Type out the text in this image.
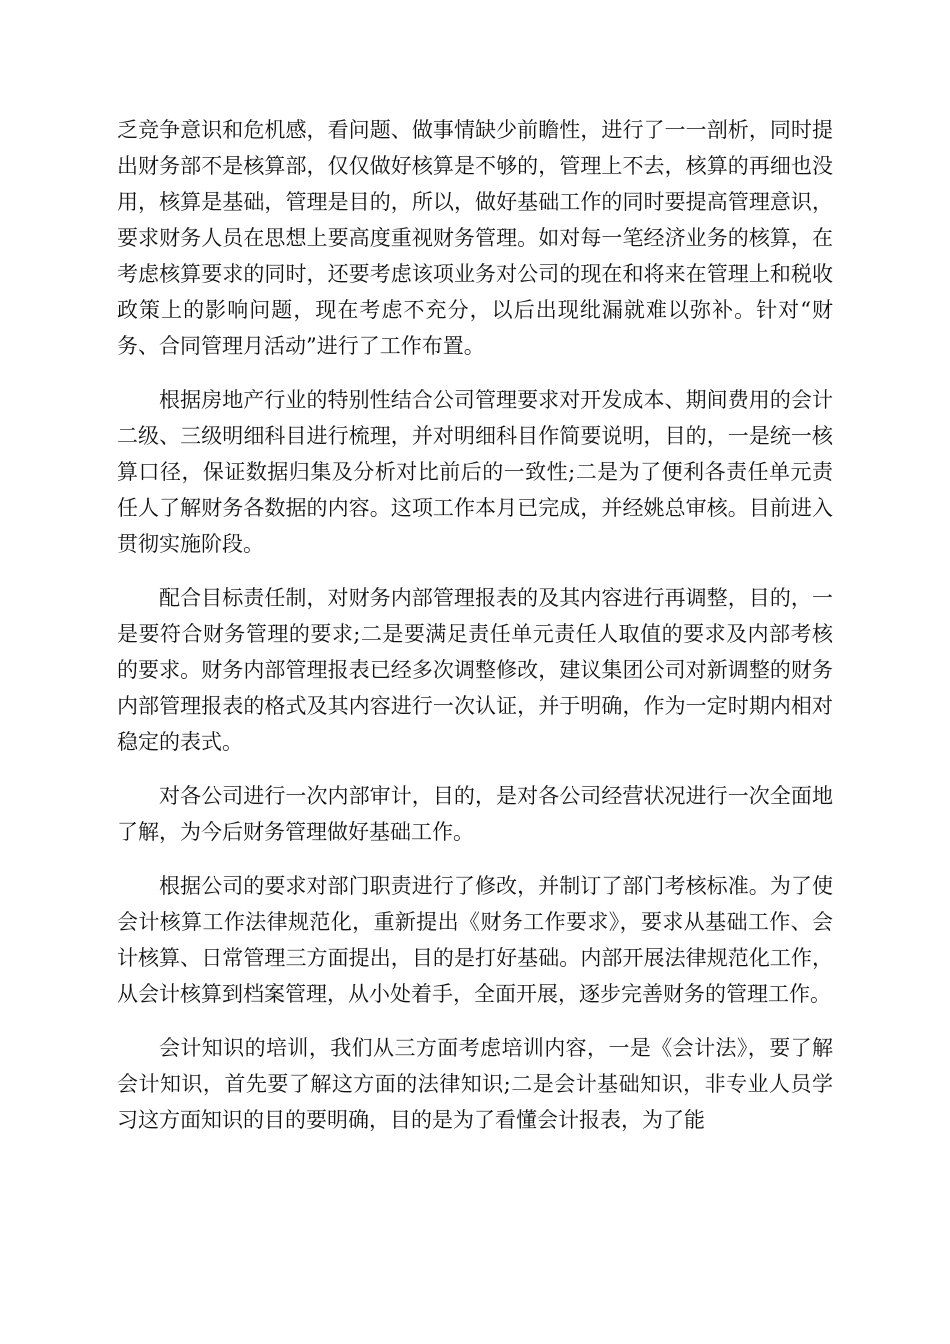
乏竞争意识和危机感，看问题、做事情缺少前瞻性，进行了一一剖析，同时提出财务部不是核算部，仅仅做好核算是不够的，管理上不去，核算的再细也没用，核算是基础，管理是目的，所以，做好基础工作的同时要提高管理意识，要求财务人员在思想上要高度重视财务管理。如对每一笔经济业务的核算，在考虑核算要求的同时，还要考虑该项业务对公司的现在和将来在管理上和税收政策上的影响问题，现在考虑不充分，以后出现纰漏就难以弥补。针对“财务、合同管理月活动”进行了工作布置。

根据房地产行业的特别性结合公司管理要求对开发成本、期间费用的会计二级、三级明细科目进行梳理，并对明细科目作简要说明，目的，一是统一核算口径，保证数据归集及分析对比前后的一致性;二是为了便利各责任单元责任人了解财务各数据的内容。这项工作本月已完成，并经姚总审核。目前进入贯彻实施阶段。

配合目标责任制，对财务内部管理报表的及其内容进行再调整，目的，一是要符合财务管理的要求;二是要满足责任单元责任人取值的要求及内部考核的要求。财务内部管理报表已经多次调整修改，建议集团公司对新调整的财务内部管理报表的格式及其内容进行一次认证，并于明确，作为一定时期内相对稳定的表式。

对各公司进行一次内部审计，目的，是对各公司经营状况进行一次全面地了解，为今后财务管理做好基础工作。

根据公司的要求对部门职责进行了修改，并制订了部门考核标准。为了使会计核算工作法律规范化，重新提出《财务工作要求》，要求从基础工作、会计核算、日常管理三方面提出，目的是打好基础。内部开展法律规范化工作，从会计核算到档案管理，从小处着手，全面开展，逐步完善财务的管理工作。

会计知识的培训，我们从三方面考虑培训内容，一是《会计法》，要了解会计知识，首先要了解这方面的法律知识;二是会计基础知识，非专业人员学习这方面知识的目的要明确，目的是为了看懂会计报表，为了能
